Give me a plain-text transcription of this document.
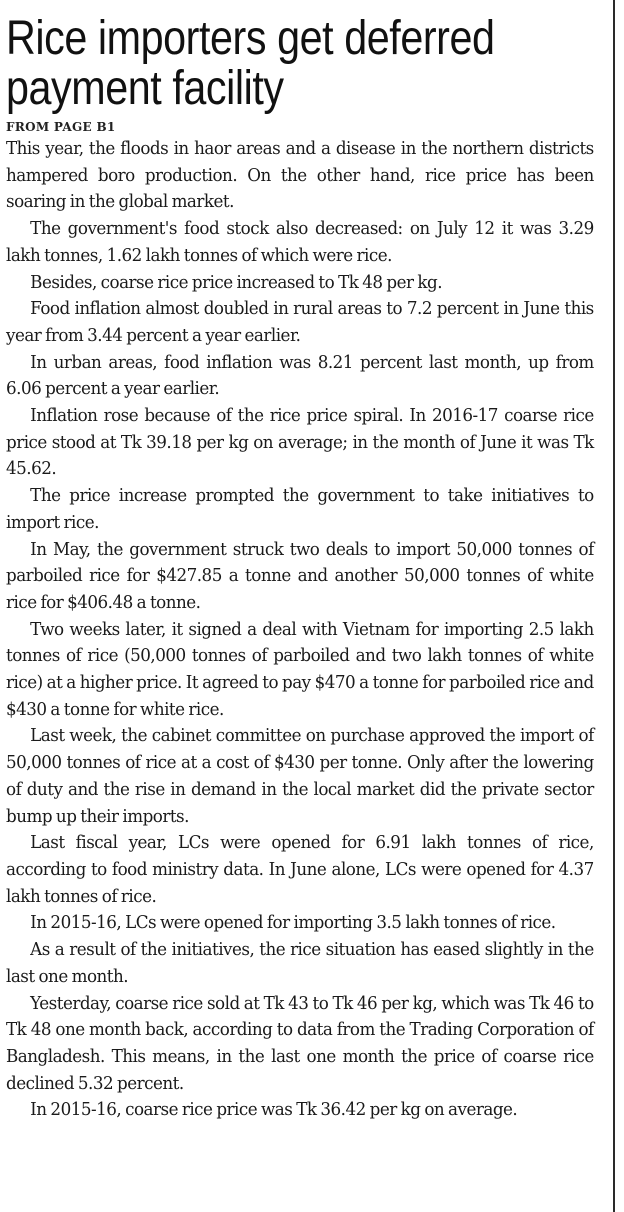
Rice importers get deferred payment facility
FROM PAGE B1

This year, the floods in haor areas and a disease in the northern districts hampered boro production. On the other hand, rice price has been soaring in the global market.

The government's food stock also decreased: on July 12 it was 3.29 lakh tonnes, 1.62 lakh tonnes of which were rice.

Besides, coarse rice price increased to Tk 48 per kg.

Food inflation almost doubled in rural areas to 7.2 percent in June this year from 3.44 percent a year earlier.

In urban areas, food inflation was 8.21 percent last month, up from 6.06 percent a year earlier.

Inflation rose because of the rice price spiral. In 2016-17 coarse rice price stood at Tk 39.18 per kg on average; in the month of June it was Tk 45.62.

The price increase prompted the government to take initiatives to import rice.

In May, the government struck two deals to import 50,000 tonnes of parboiled rice for $427.85 a tonne and another 50,000 tonnes of white rice for $406.48 a tonne.

Two weeks later, it signed a deal with Vietnam for importing 2.5 lakh tonnes of rice (50,000 tonnes of parboiled and two lakh tonnes of white rice) at a higher price. It agreed to pay $470 a tonne for parboiled rice and $430 a tonne for white rice.

Last week, the cabinet committee on purchase approved the import of 50,000 tonnes of rice at a cost of $430 per tonne. Only after the lowering of duty and the rise in demand in the local market did the private sector bump up their imports.

Last fiscal year, LCs were opened for 6.91 lakh tonnes of rice, according to food ministry data. In June alone, LCs were opened for 4.37 lakh tonnes of rice.

In 2015-16, LCs were opened for importing 3.5 lakh tonnes of rice.

As a result of the initiatives, the rice situation has eased slightly in the last one month.

Yesterday, coarse rice sold at Tk 43 to Tk 46 per kg, which was Tk 46 to Tk 48 one month back, according to data from the Trading Corporation of Bangladesh. This means, in the last one month the price of coarse rice declined 5.32 percent.

In 2015-16, coarse rice price was Tk 36.42 per kg on average.
